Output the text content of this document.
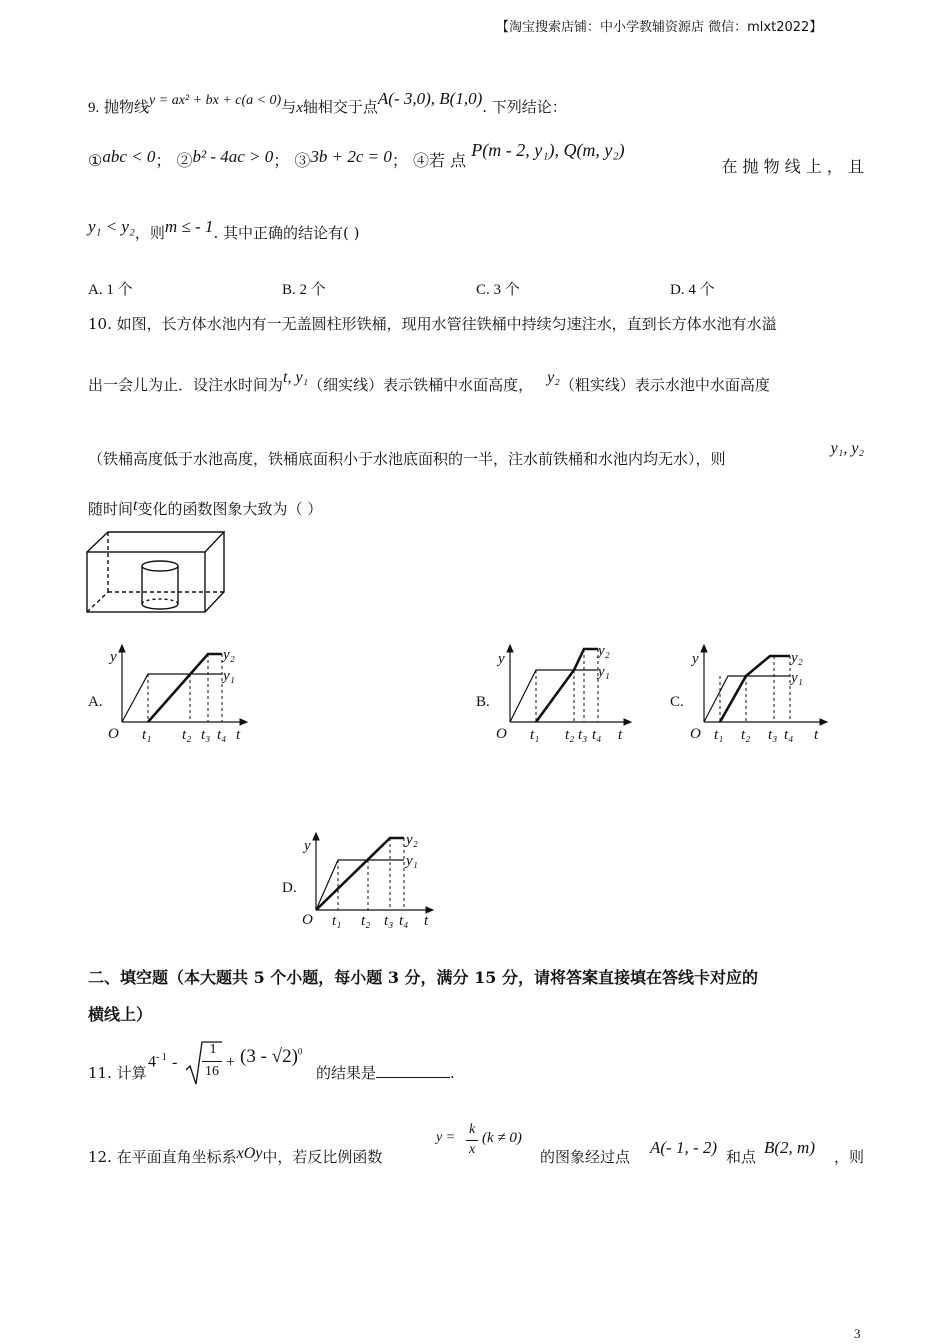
【淘宝搜索店铺：中小学教辅资源店 微信：mlxt2022】
9. 抛物线y = ax² + bx + c(a < 0)与x轴相交于点A(- 3,0), B(1,0). 下列结论：
①abc < 0； ②b² - 4ac > 0； ③3b + 2c = 0； ④若 点 P(m - 2, y₁), Q(m, y₂)
在 抛 物 线 上 ， 且
y₁ < y₂，则m ≤ - 1. 其中正确的结论有( )
A. 1 个	B. 2 个	C. 3 个	D. 4 个
10. 如图，长方体水池内有一无盖圆柱形铁桶，现用水管往铁桶中持续匀速注水，直到长方体水池有水溢
出一会儿为止．设注水时间为t, y₁（细实线）表示铁桶中水面高度， y₂（粗实线）表示水池中水面高度
（铁桶高度低于水池高度，铁桶底面积小于水池底面积的一半，注水前铁桶和水池内均无水），则
y₁, y₂
随时间t变化的函数图象大致为（ ）
A.
y
O t₁ t₂ t₃ t₄ t
y₂
y₁
B.
y
O t₁ t₂ t₃ t₄ t
y₂
y₁
C.
y
O t₁ t₂ t₃ t₄ t
y₂
y₁
D.
y
O t₁ t₂ t₃ t₄ t
y₂
y₁
二、填空题（本大题共 5 个小题，每小题 3 分，满分 15 分，请将答案直接填在答线卡对应的
横线上）
11. 计算
$4^{- 1}$ -
1
16
+ (3 - √2)$^0$
的结果是	.
12. 在平面直角坐标系xOy中，若反比例函数	，则
y =
k
x
(k ≠ 0)
的图象经过点 A(- 1, - 2) 和点 B(2, m)
3
